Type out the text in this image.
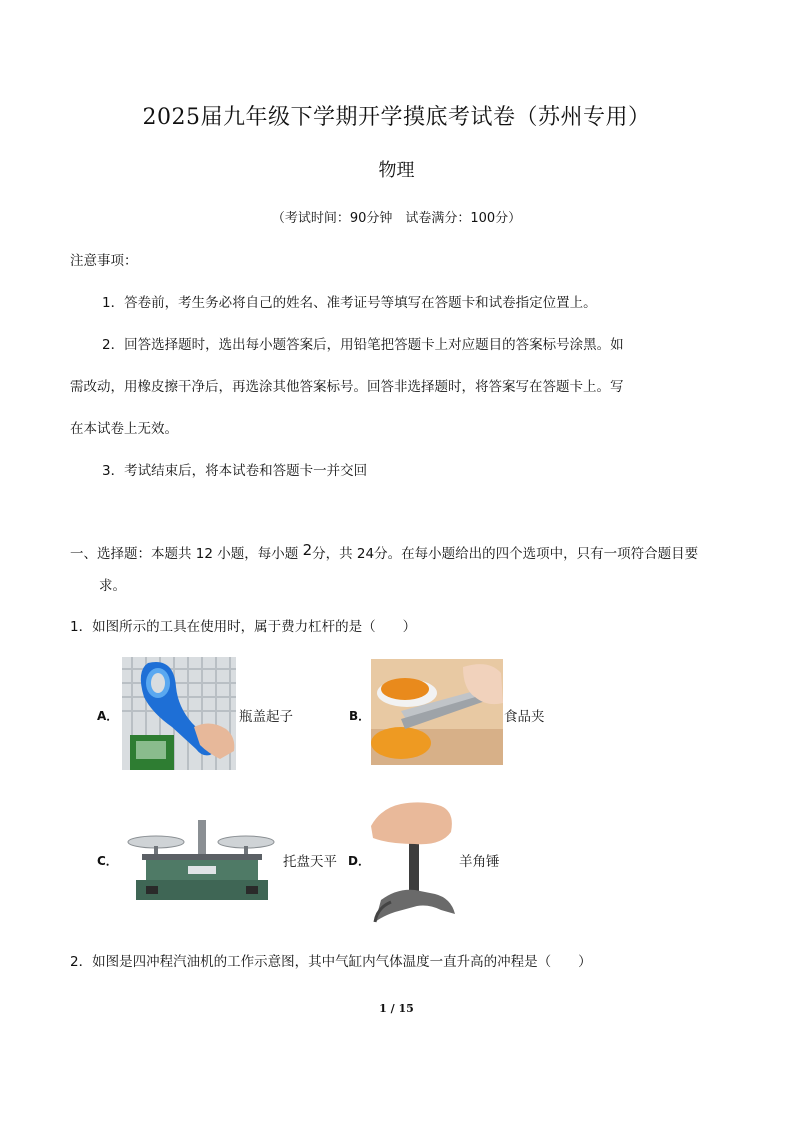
2025届九年级下学期开学摸底考试卷（苏州专用）
物理
（考试时间：90分钟　试卷满分：100分）
注意事项：
1．答卷前，考生务必将自己的姓名、准考证号等填写在答题卡和试卷指定位置上。
2．回答选择题时，选出每小题答案后，用铅笔把答题卡上对应题目的答案标号涂黑。如
需改动，用橡皮擦干净后，再选涂其他答案标号。回答非选择题时，将答案写在答题卡上。写
在本试卷上无效。
3．考试结束后，将本试卷和答题卡一并交回
一、选择题：本题共 12 小题，每小题 $^2$分，共 24分。在每小题给出的四个选项中，只有一项符合题目要
求。
1．如图所示的工具在使用时，属于费力杠杆的是（　　）
A．	瓶盖起子	B．	食品夹
C．	托盘天平 D．	羊角锤
2．如图是四冲程汽油机的工作示意图，其中气缸内气体温度一直升高的冲程是（　　）
1 / 15
